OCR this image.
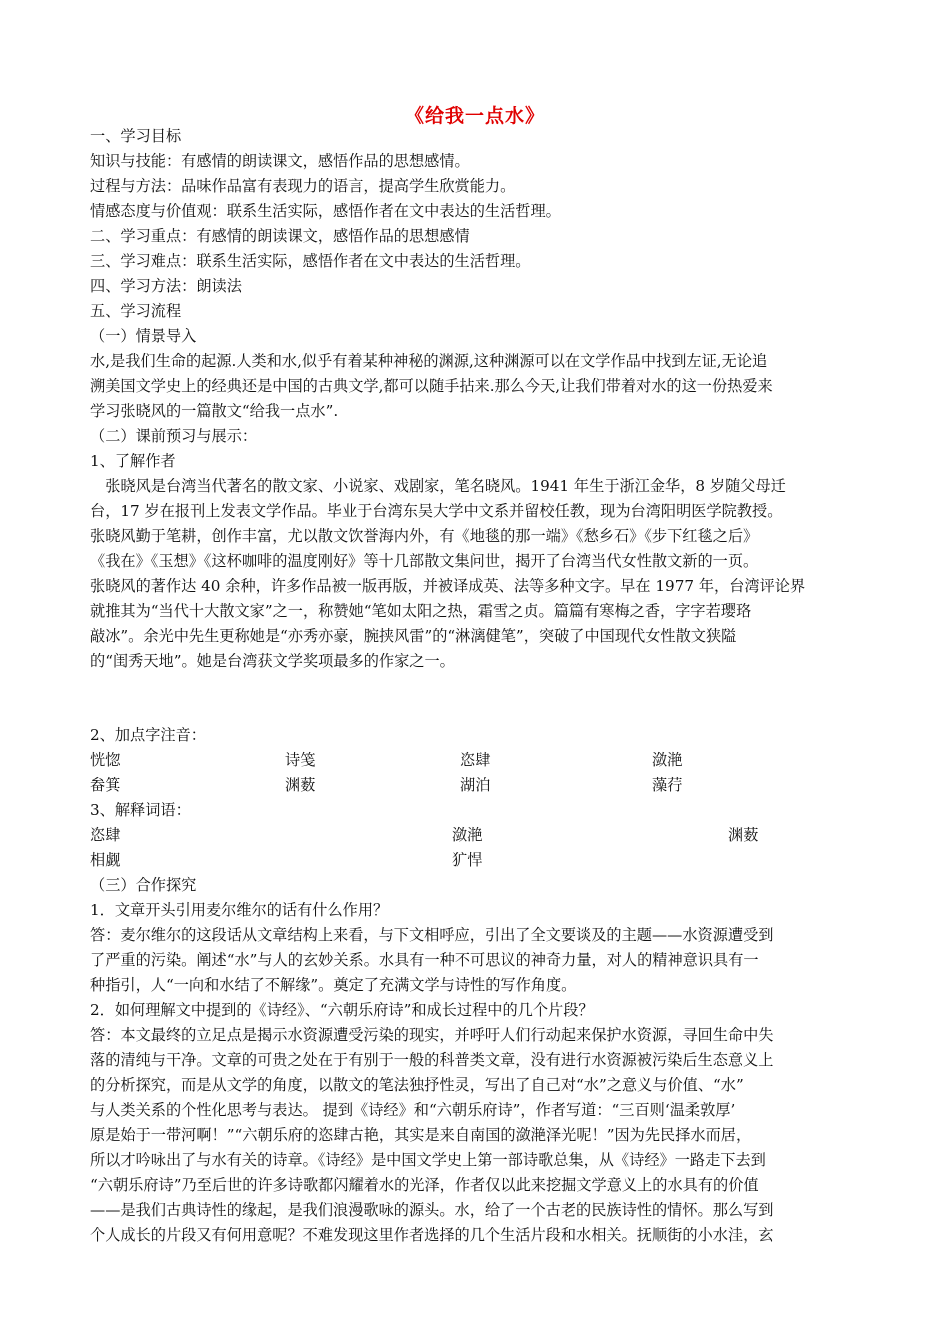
《给我一点水》
一、学习目标
知识与技能：有感情的朗读课文，感悟作品的思想感情。
过程与方法：品味作品富有表现力的语言，提高学生欣赏能力。
情感态度与价值观：联系生活实际，感悟作者在文中表达的生活哲理。
二、学习重点：有感情的朗读课文，感悟作品的思想感情
三、学习难点：联系生活实际，感悟作者在文中表达的生活哲理。
四、学习方法：朗读法
五、学习流程
（一）情景导入
水,是我们生命的起源.人类和水,似乎有着某种神秘的渊源,这种渊源可以在文学作品中找到左证,无论追
溯美国文学史上的经典还是中国的古典文学,都可以随手拈来.那么今天,让我们带着对水的这一份热爱来
学习张晓风的一篇散文“给我一点水”.
（二）课前预习与展示：
1、了解作者
　张晓风是台湾当代著名的散文家、小说家、戏剧家，笔名晓风。1941 年生于浙江金华，8 岁随父母迁
台，17 岁在报刊上发表文学作品。毕业于台湾东吴大学中文系并留校任教，现为台湾阳明医学院教授。
张晓风勤于笔耕，创作丰富，尤以散文饮誉海内外，有《地毯的那一端》《愁乡石》《步下红毯之后》
《我在》《玉想》《这杯咖啡的温度刚好》等十几部散文集问世，揭开了台湾当代女性散文新的一页。
张晓风的著作达 40 余种，许多作品被一版再版，并被译成英、法等多种文字。早在 1977 年，台湾评论界
就推其为“当代十大散文家”之一，称赞她“笔如太阳之热，霜雪之贞。篇篇有寒梅之香，字字若璎珞
敲冰”。余光中先生更称她是“亦秀亦豪，腕挟风雷”的“淋漓健笔”，突破了中国现代女性散文狭隘
的“闺秀天地”。她是台湾获文学奖项最多的作家之一。
2、加点字注音：
恍惚	诗笺	恣肆	潋滟
畚箕	渊薮	湖泊	藻荇
3、解释词语：
恣肆	潋滟	渊薮
相觑	犷悍
（三）合作探究
1．文章开头引用麦尔维尔的话有什么作用？
答：麦尔维尔的这段话从文章结构上来看，与下文相呼应，引出了全文要谈及的主题——水资源遭受到
了严重的污染。阐述“水”与人的玄妙关系。水具有一种不可思议的神奇力量，对人的精神意识具有一
种指引，人“一向和水结了不解缘”。奠定了充满文学与诗性的写作角度。
2．如何理解文中提到的《诗经》、“六朝乐府诗”和成长过程中的几个片段？
答：本文最终的立足点是揭示水资源遭受污染的现实，并呼吁人们行动起来保护水资源，寻回生命中失
落的清纯与干净。文章的可贵之处在于有别于一般的科普类文章，没有进行水资源被污染后生态意义上
的分析探究，而是从文学的角度，以散文的笔法独抒性灵，写出了自己对“水”之意义与价值、“水”
与人类关系的个性化思考与表达。 提到《诗经》和“六朝乐府诗”，作者写道：“三百则‘温柔敦厚’
原是始于一带河啊！”“六朝乐府的恣肆古艳，其实是来自南国的潋滟泽光呢！”因为先民择水而居，
所以才吟咏出了与水有关的诗章。《诗经》是中国文学史上第一部诗歌总集，从《诗经》一路走下去到
“六朝乐府诗”乃至后世的许多诗歌都闪耀着水的光泽，作者仅以此来挖掘文学意义上的水具有的价值
——是我们古典诗性的缘起，是我们浪漫歌咏的源头。水，给了一个古老的民族诗性的情怀。那么写到
个人成长的片段又有何用意呢？不难发现这里作者选择的几个生活片段和水相关。抚顺街的小水洼，玄
